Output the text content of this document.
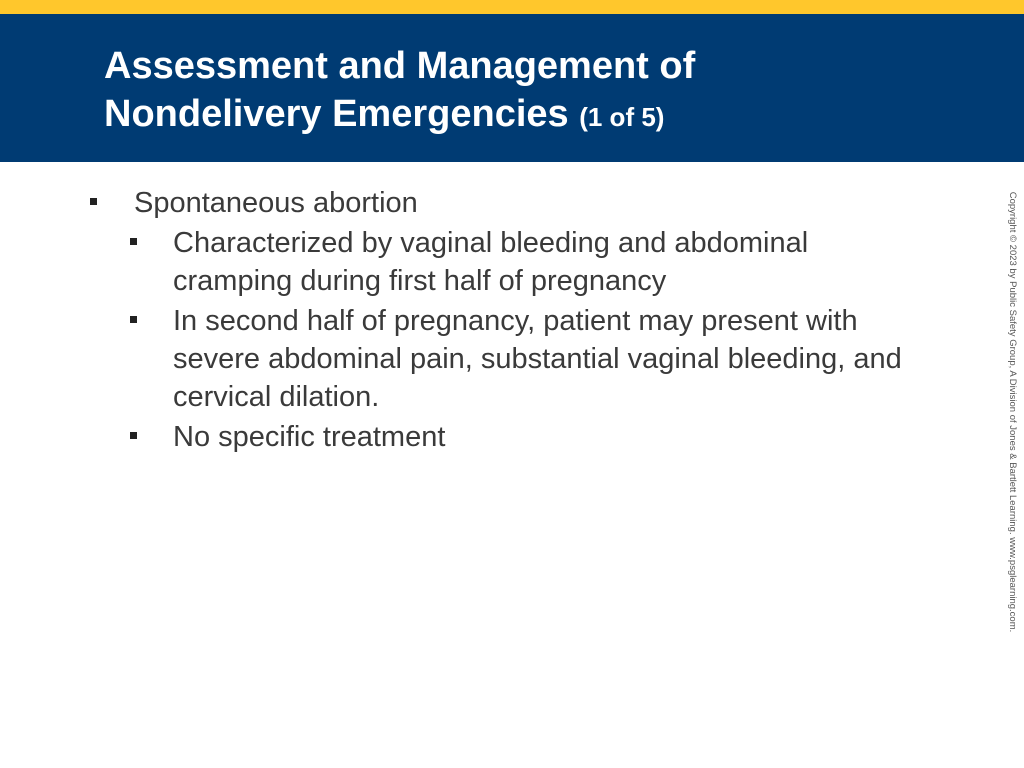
Assessment and Management of
Nondelivery Emergencies (1 of 5)
Spontaneous abortion
Characterized by vaginal bleeding and abdominal cramping during first half of pregnancy
In second half of pregnancy, patient may present with severe abdominal pain, substantial vaginal bleeding, and cervical dilation.
No specific treatment	Copyright © 2023 by Public Safety Group, A Division of Jones & Bartlett Learning. www.psglearning.com.
